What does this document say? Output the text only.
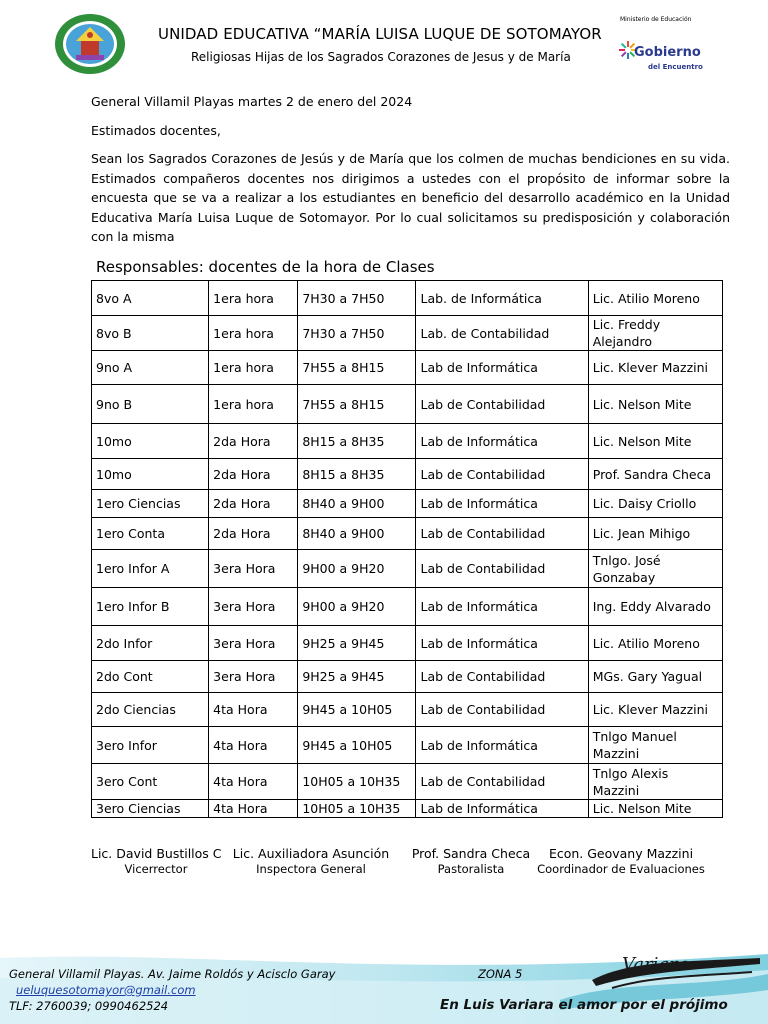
UNIDAD EDUCATIVA “MARÍA LUISA LUQUE DE SOTOMAYOR
Religiosas Hijas de los Sagrados Corazones de Jesus y de María
Ministerio de Educación
Gobierno
del Encuentro
General Villamil Playas martes 2 de enero del 2024
Estimados docentes,
Sean los Sagrados Corazones de Jesús y de María que los colmen de muchas bendiciones en su vida. Estimados compañeros docentes nos dirigimos a ustedes con el propósito de informar sobre la encuesta que se va a realizar a los estudiantes en beneficio del desarrollo académico en la Unidad Educativa María Luisa Luque de Sotomayor. Por lo cual solicitamos su predisposición y colaboración con la misma
Responsables: docentes de la hora de Clases
8vo A	1era hora	7H30 a 7H50	Lab. de Informática	Lic. Atilio Moreno
8vo B	1era hora	7H30 a 7H50	Lab. de Contabilidad	Lic. Freddy Alejandro
9no A	1era hora	7H55 a 8H15	Lab de Informática	Lic. Klever Mazzini
9no B	1era hora	7H55 a 8H15	Lab de Contabilidad	Lic. Nelson Mite
10mo	2da Hora	8H15 a 8H35	Lab de Informática	Lic. Nelson Mite
10mo	2da Hora	8H15 a 8H35	Lab de Contabilidad	Prof. Sandra Checa
1ero Ciencias	2da Hora	8H40 a 9H00	Lab de Informática	Lic. Daisy Criollo
1ero Conta	2da Hora	8H40 a 9H00	Lab de Contabilidad	Lic. Jean Mihigo
1ero Infor A	3era Hora	9H00 a 9H20	Lab de Contabilidad	Tnlgo. José Gonzabay
1ero Infor B	3era Hora	9H00 a 9H20	Lab de Informática	Ing. Eddy Alvarado
2do Infor	3era Hora	9H25 a 9H45	Lab de Informática	Lic. Atilio Moreno
2do Cont	3era Hora	9H25 a 9H45	Lab de Contabilidad	MGs. Gary Yagual
2do Ciencias	4ta Hora	9H45 a 10H05	Lab de Contabilidad	Lic. Klever Mazzini
3ero Infor	4ta Hora	9H45 a 10H05	Lab de Informática	Tnlgo Manuel Mazzini
3ero Cont	4ta Hora	10H05 a 10H35	Lab de Contabilidad	Tnlgo Alexis Mazzini
3ero Ciencias	4ta Hora	10H05 a 10H35	Lab de Informática	Lic. Nelson Mite
Lic. David Bustillos C
Vicerrector
Lic. Auxiliadora Asunción
Inspectora General
Prof. Sandra Checa
Pastoralista
Econ. Geovany Mazzini
Coordinador de Evaluaciones
Variara
General Villamil Playas. Av. Jaime Roldós y Acisclo Garay	ZONA 5
ueluquesotomayor@gmail.com
TLF: 2760039; 0990462524	En Luis Variara el amor por el prójimo
